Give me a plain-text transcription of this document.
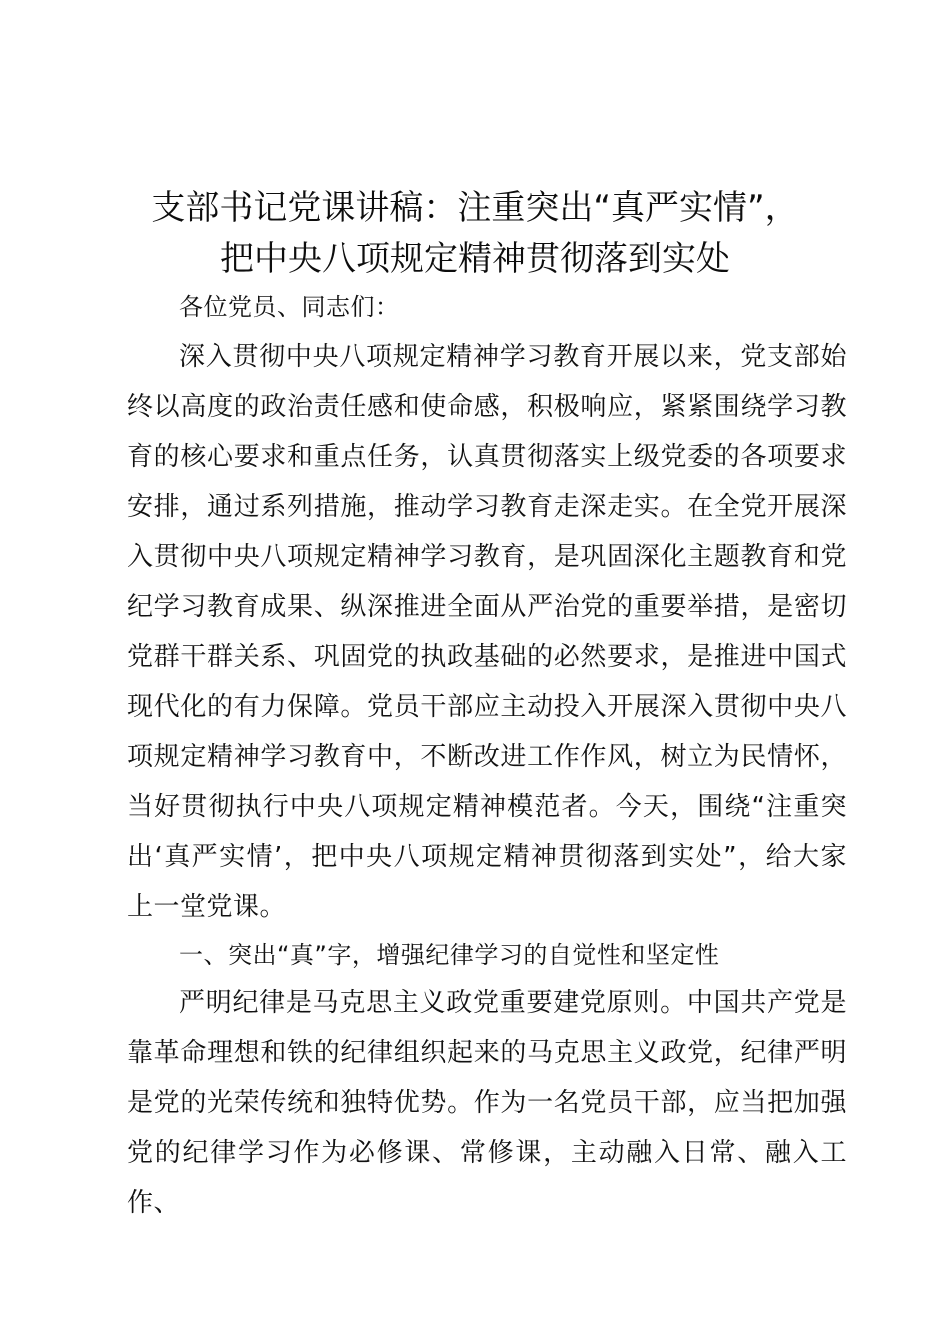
支部书记党课讲稿：注重突出“真严实情”，
把中央八项规定精神贯彻落到实处
各位党员、同志们：
深入贯彻中央八项规定精神学习教育开展以来，党支部始终以高度的政治责任感和使命感，积极响应，紧紧围绕学习教育的核心要求和重点任务，认真贯彻落实上级党委的各项要求安排，通过系列措施，推动学习教育走深走实。在全党开展深入贯彻中央八项规定精神学习教育，是巩固深化主题教育和党纪学习教育成果、纵深推进全面从严治党的重要举措，是密切党群干群关系、巩固党的执政基础的必然要求，是推进中国式现代化的有力保障。党员干部应主动投入开展深入贯彻中央八项规定精神学习教育中，不断改进工作作风，树立为民情怀，当好贯彻执行中央八项规定精神模范者。今天，围绕“注重突出‘真严实情’，把中央八项规定精神贯彻落到实处”，给大家上一堂党课。
一、突出“真”字，增强纪律学习的自觉性和坚定性
严明纪律是马克思主义政党重要建党原则。中国共产党是靠革命理想和铁的纪律组织起来的马克思主义政党，纪律严明是党的光荣传统和独特优势。作为一名党员干部，应当把加强党的纪律学习作为必修课、常修课，主动融入日常、融入工作、
